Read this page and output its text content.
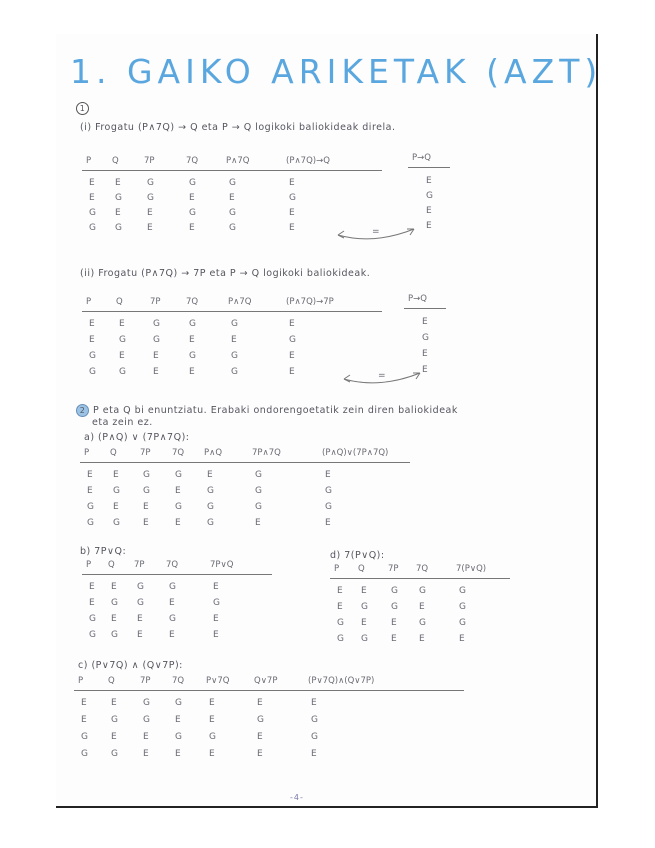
1. GAIKO ARIKETAK (AZT)
1
(i) Frogatu (P∧7Q) → Q eta P → Q logikoki baliokideak direla.
(ii) Frogatu (P∧7Q) → 7P eta P → Q logikoki baliokideak.
2 P eta Q bi enuntziatu. Erabaki ondorengoetatik zein diren baliokideak
eta zein ez.
a) (P∧Q) ∨ (7P∧7Q):
b) 7P∨Q:	d) 7(P∨Q):
c) (P∨7Q) ∧ (Q∨7P):
-4-
P Q	7P	7Q	P∧7Q	(P∧7Q)→Q
E E	G	G	G	E
E G	G	E	E	G
G E	E	G	G	E
G G	E	E	G	E
P→Q
E
G
E
E
=
P	Q	7P	7Q	P∧7Q	(P∧7Q)→7P
E	E	G	G	G	E
E	G	G	E	E	G
G	E	E	G	G	E
G	G	E	E	G	E
P→Q
E
G
E
E
=
P Q	7P	7Q P∧Q	7P∧7Q	(P∧Q)∨(7P∧7Q)
E E	G	G	E	G	E
E G	G	E	G	G	G
G E	E	G	G	G	G
G G	E	E	G	E	E
P Q 7P	7Q	7P∨Q
E E G	G	E
E G G	E	G
G E E	G	E
G G E	E	E
P Q	7P 7Q	7(P∨Q)
E E	G G	G
E G	G E	G
G E	E G	G
G G	E E	E
P	Q	7P	7Q	P∨7Q	Q∨7P	(P∨7Q)∧(Q∨7P)
E	E	G	G	E	E	E
E	G	G	E	E	G	G
G	E	E	G	G	E	G
G	G	E	E	E	E	E
